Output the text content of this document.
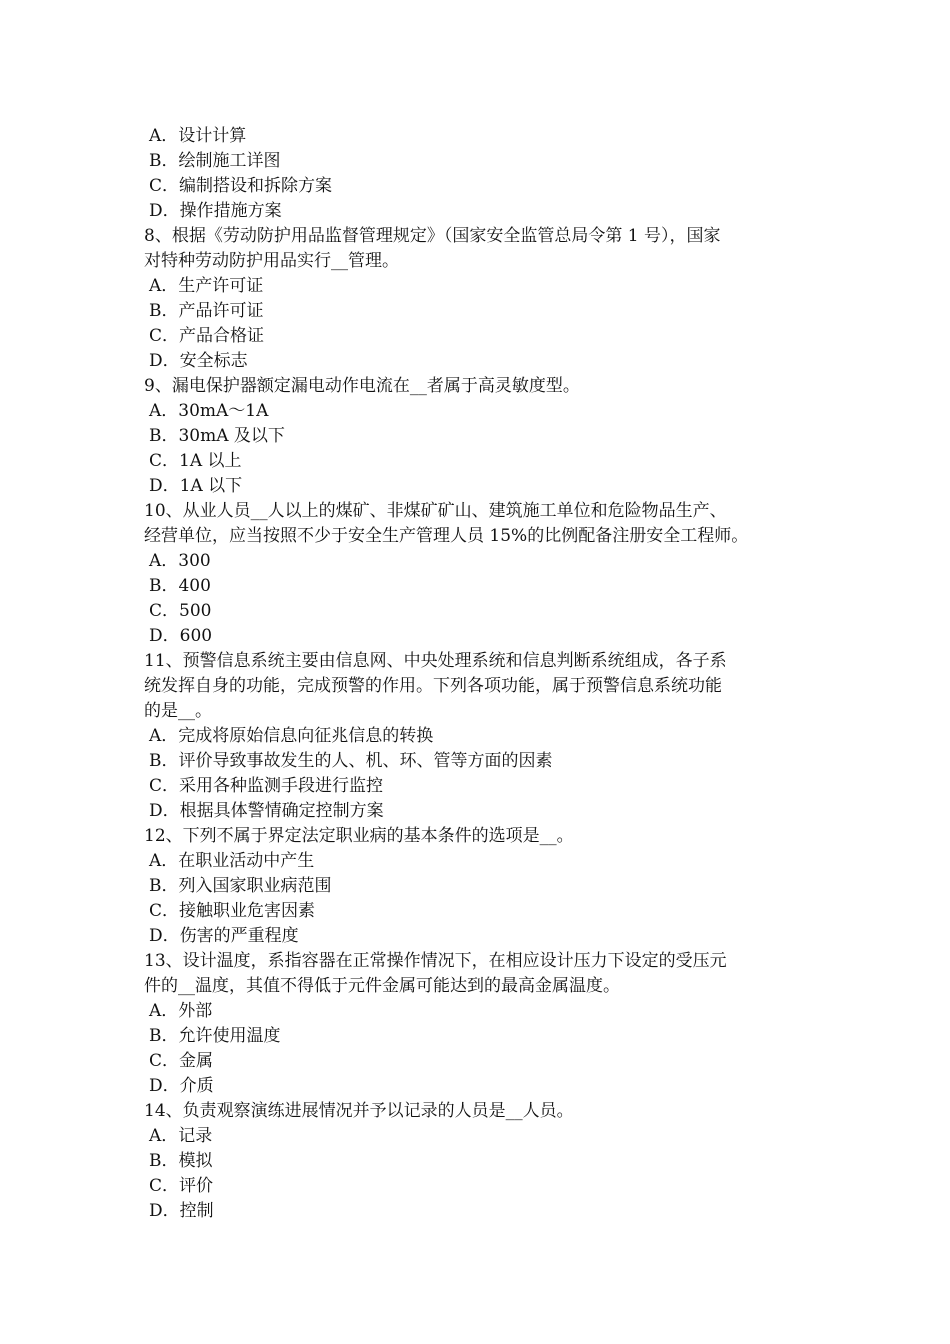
A．设计计算
B．绘制施工详图
C．编制搭设和拆除方案
D．操作措施方案
8、根据《劳动防护用品监督管理规定》（国家安全监管总局令第 1 号），国家
对特种劳动防护用品实行__管理。
A．生产许可证
B．产品许可证
C．产品合格证
D．安全标志
9、漏电保护器额定漏电动作电流在__者属于高灵敏度型。
A．30mA～1A
B．30mA 及以下
C．1A 以上
D．1A 以下
10、从业人员__人以上的煤矿、非煤矿矿山、建筑施工单位和危险物品生产、
经营单位，应当按照不少于安全生产管理人员 15%的比例配备注册安全工程师。
A．300
B．400
C．500
D．600
11、预警信息系统主要由信息网、中央处理系统和信息判断系统组成，各子系
统发挥自身的功能，完成预警的作用。下列各项功能，属于预警信息系统功能
的是__。
A．完成将原始信息向征兆信息的转换
B．评价导致事故发生的人、机、环、管等方面的因素
C．采用各种监测手段进行监控
D．根据具体警情确定控制方案
12、下列不属于界定法定职业病的基本条件的选项是__。
A．在职业活动中产生
B．列入国家职业病范围
C．接触职业危害因素
D．伤害的严重程度
13、设计温度，系指容器在正常操作情况下，在相应设计压力下设定的受压元
件的__温度，其值不得低于元件金属可能达到的最高金属温度。
A．外部
B．允许使用温度
C．金属
D．介质
14、负责观察演练进展情况并予以记录的人员是__人员。
A．记录
B．模拟
C．评价
D．控制
